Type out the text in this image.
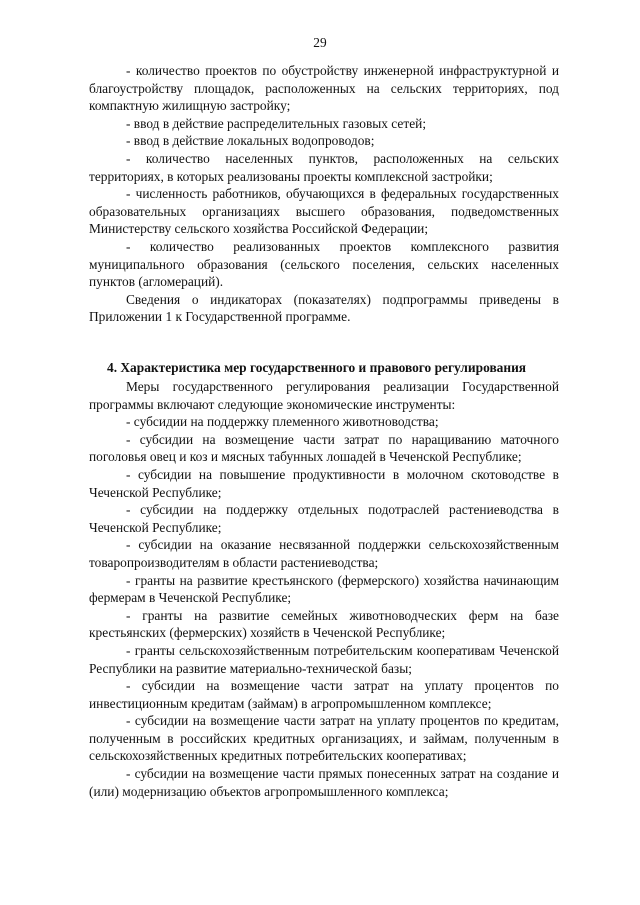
29

- количество проектов по обустройству инженерной инфраструктурной и благоустройству площадок, расположенных на сельских территориях, под компактную жилищную застройку;

- ввод в действие распределительных газовых сетей;

- ввод в действие локальных водопроводов;

- количество населенных пунктов, расположенных на сельских территориях, в которых реализованы проекты комплексной застройки;

- численность работников, обучающихся в федеральных государственных образовательных организациях высшего образования, подведомственных Министерству сельского хозяйства Российской Федерации;

- количество реализованных проектов комплексного развития муниципального образования (сельского поселения, сельских населенных пунктов (агломераций).

Сведения о индикаторах (показателях) подпрограммы приведены в Приложении 1 к Государственной программе.

4. Характеристика мер государственного и правового регулирования

Меры государственного регулирования реализации Государственной программы включают следующие экономические инструменты:

- субсидии на поддержку племенного животноводства;

- субсидии на возмещение части затрат по наращиванию маточного поголовья овец и коз и мясных табунных лошадей в Чеченской Республике;

- субсидии на повышение продуктивности в молочном скотоводстве в Чеченской Республике;

- субсидии на поддержку отдельных подотраслей растениеводства в Чеченской Республике;

- субсидии на оказание несвязанной поддержки сельскохозяйственным товаропроизводителям в области растениеводства;

- гранты на развитие крестьянского (фермерского) хозяйства начинающим фермерам в Чеченской Республике;

- гранты на развитие семейных животноводческих ферм на базе крестьянских (фермерских) хозяйств в Чеченской Республике;

- гранты сельскохозяйственным потребительским кооперативам Чеченской Республики на развитие материально-технической базы;

- субсидии на возмещение части затрат на уплату процентов по инвестиционным кредитам (займам) в агропромышленном комплексе;

- субсидии на возмещение части затрат на уплату процентов по кредитам, полученным в российских кредитных организациях, и займам, полученным в сельскохозяйственных кредитных потребительских кооперативах;

- субсидии на возмещение части прямых понесенных затрат на создание и (или) модернизацию объектов агропромышленного комплекса;
